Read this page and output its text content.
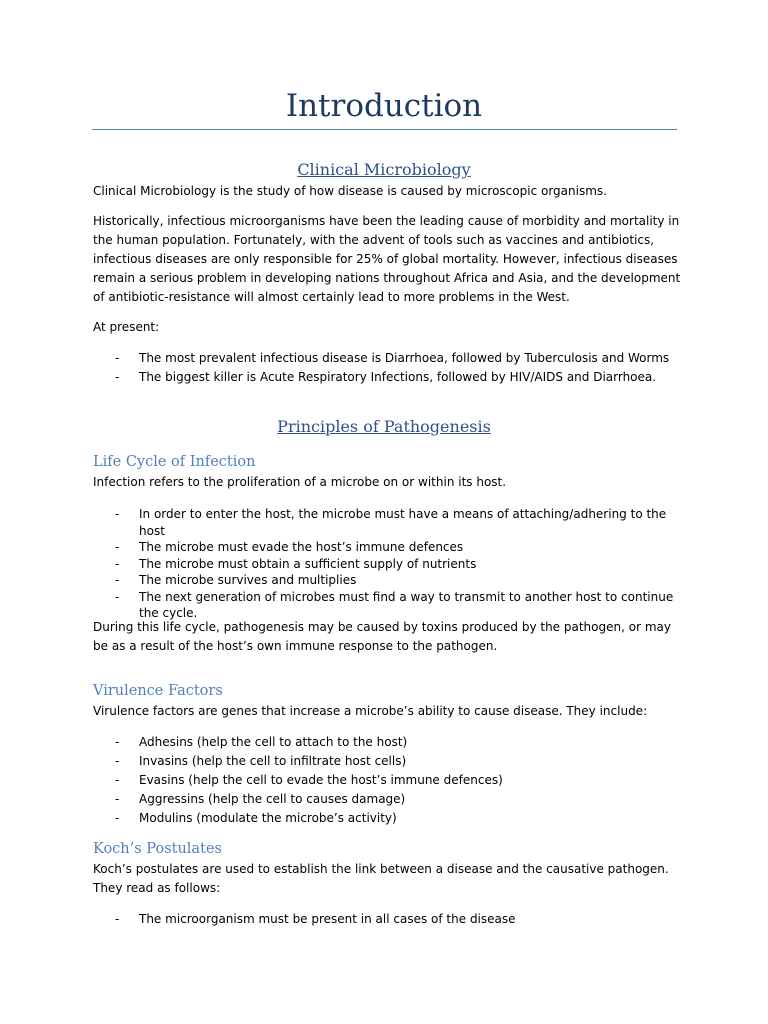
Introduction
Clinical Microbiology

Clinical Microbiology is the study of how disease is caused by microscopic organisms.

Historically, infectious microorganisms have been the leading cause of morbidity and mortality in the human population. Fortunately, with the advent of tools such as vaccines and antibiotics, infectious diseases are only responsible for 25% of global mortality. However, infectious diseases remain a serious problem in developing nations throughout Africa and Asia, and the development of antibiotic-resistance will almost certainly lead to more problems in the West.

At present:

- The most prevalent infectious disease is Diarrhoea, followed by Tuberculosis and Worms
- The biggest killer is Acute Respiratory Infections, followed by HIV/AIDS and Diarrhoea.
Principles of Pathogenesis
Life Cycle of Infection

Infection refers to the proliferation of a microbe on or within its host.

- In order to enter the host, the microbe must have a means of attaching/adhering to the host
- The microbe must evade the host’s immune defences
- The microbe must obtain a sufficient supply of nutrients
- The microbe survives and multiplies
- The next generation of microbes must find a way to transmit to another host to continue the cycle.

During this life cycle, pathogenesis may be caused by toxins produced by the pathogen, or may be as a result of the host’s own immune response to the pathogen.

Virulence Factors

Virulence factors are genes that increase a microbe’s ability to cause disease. They include:

- Adhesins (help the cell to attach to the host)
- Invasins (help the cell to infiltrate host cells)
- Evasins (help the cell to evade the host’s immune defences)
- Aggressins (help the cell to causes damage)
- Modulins (modulate the microbe’s activity)
Koch’s Postulates

Koch’s postulates are used to establish the link between a disease and the causative pathogen. They read as follows:

- The microorganism must be present in all cases of the disease
